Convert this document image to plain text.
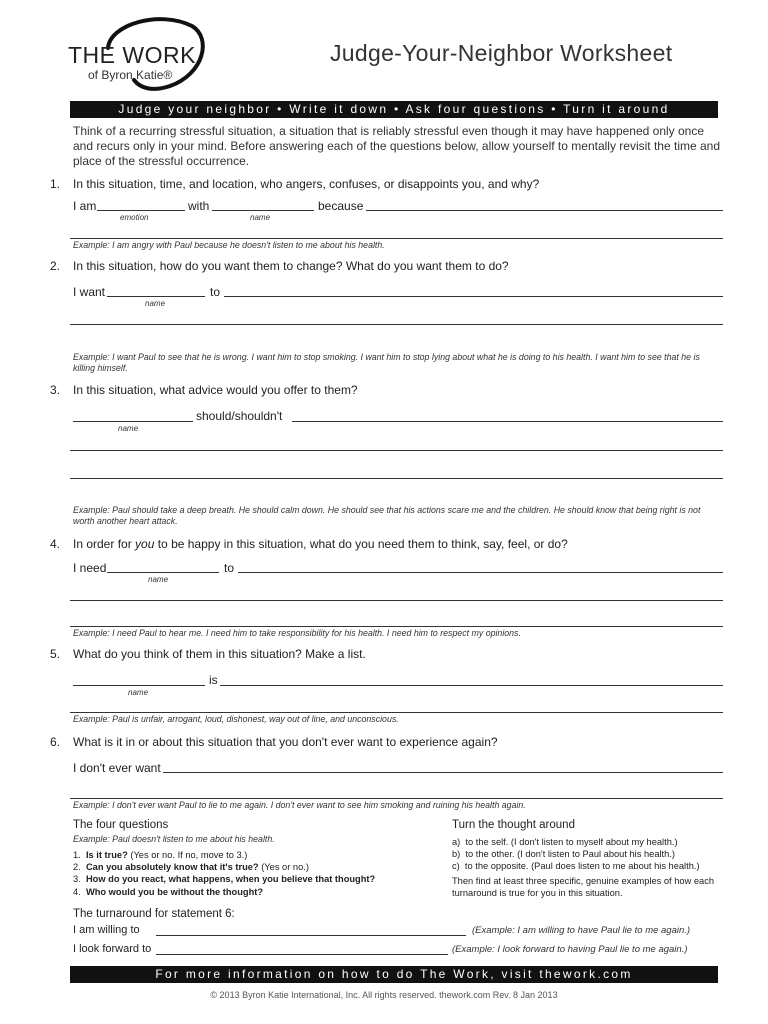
THE WORK
of Byron Katie®
Judge-Your-Neighbor Worksheet
Judge your neighbor • Write it down • Ask four questions • Turn it around
Think of a recurring stressful situation, a situation that is reliably stressful even though it may have happened only once and recurs only in your mind. Before answering each of the questions below, allow yourself to mentally revisit the time and place of the stressful occurrence.
1. In this situation, time, and location, who angers, confuses, or disappoints you, and why?
I am
emotion
with
name
because
Example: I am angry with Paul because he doesn't listen to me about his health.
2. In this situation, how do you want them to change? What do you want them to do?
I want
name
to
Example: I want Paul to see that he is wrong. I want him to stop smoking. I want him to stop lying about what he is doing to his health. I want him to see that he is killing himself.
3. In this situation, what advice would you offer to them?
name
should/shouldn't
Example: Paul should take a deep breath. He should calm down. He should see that his actions scare me and the children. He should know that being right is not worth another heart attack.
4. In order for you to be happy in this situation, what do you need them to think, say, feel, or do?
I need
name
to
Example: I need Paul to hear me. I need him to take responsibility for his health. I need him to respect my opinions.
5. What do you think of them in this situation? Make a list.
name
is
Example: Paul is unfair, arrogant, loud, dishonest, way out of line, and unconscious.
6. What is it in or about this situation that you don't ever want to experience again?
I don't ever want
Example: I don't ever want Paul to lie to me again. I don't ever want to see him smoking and ruining his health again.
The four questions
Example: Paul doesn't listen to me about his health.
1. Is it true? (Yes or no. If no, move to 3.)
2. Can you absolutely know that it's true? (Yes or no.)
3. How do you react, what happens, when you believe that thought?
4. Who would you be without the thought?
Turn the thought around
a) to the self. (I don't listen to myself about my health.)
b) to the other. (I don't listen to Paul about his health.)
c) to the opposite. (Paul does listen to me about his health.)
Then find at least three specific, genuine examples of how each turnaround is true for you in this situation.
The turnaround for statement 6:
I am willing to	(Example: I am willing to have Paul lie to me again.)
I look forward to	(Example: I look forward to having Paul lie to me again.)
For more information on how to do The Work, visit thework.com
© 2013 Byron Katie International, Inc. All rights reserved. thework.com Rev. 8 Jan 2013
